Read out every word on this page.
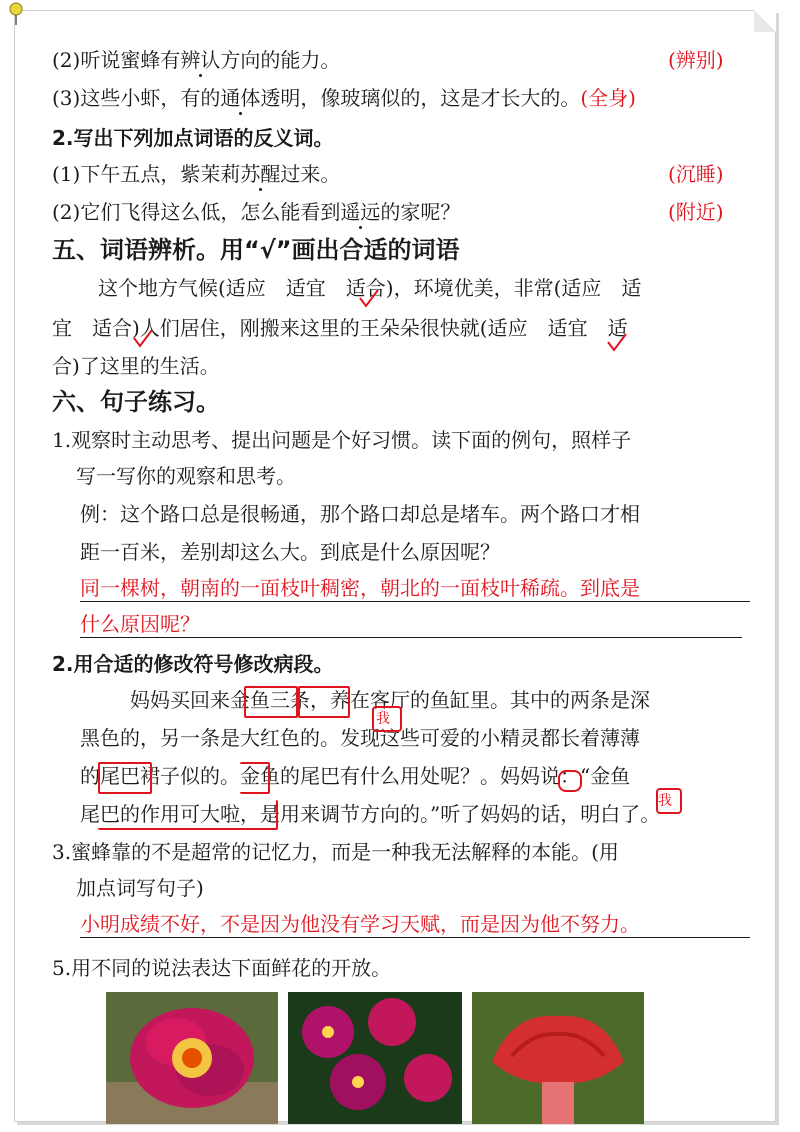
(2)听说蜜蜂有辨认方向的能力。	(辨别)
(3)这些小虾，有的通体透明，像玻璃似的，这是才长大的。(全身)
2.写出下列加点词语的反义词。
(1)下午五点，紫茉莉苏醒过来。	(沉睡)
(2)它们飞得这么低，怎么能看到遥远的家呢？	(附近)
五、词语辨析。用“√”画出合适的词语
这个地方气候(适应　适宜　适合)，环境优美，非常(适应　适
宜　适合)人们居住，刚搬来这里的王朵朵很快就(适应　适宜　适
合)了这里的生活。
六、句子练习。
1.观察时主动思考、提出问题是个好习惯。读下面的例句，照样子
写一写你的观察和思考。
例：这个路口总是很畅通，那个路口却总是堵车。两个路口才相
距一百米，差别却这么大。到底是什么原因呢？
同一棵树，朝南的一面枝叶稠密，朝北的一面枝叶稀疏。到底是
什么原因呢？
2.用合适的修改符号修改病段。
妈妈买回来金鱼三条，养在客厅的鱼缸里。其中的两条是深
黑色的，另一条是大红色的。发现这些可爱的小精灵都长着薄薄
的尾巴裙子似的。金鱼的尾巴有什么用处呢？。妈妈说：“金鱼
尾巴的作用可大啦，是用来调节方向的。”听了妈妈的话，明白了。
我
我
3.蜜蜂靠的不是超常的记忆力，而是一种我无法解释的本能。(用
加点词写句子)
小明成绩不好，不是因为他没有学习天赋，而是因为他不努力。
5.用不同的说法表达下面鲜花的开放。
